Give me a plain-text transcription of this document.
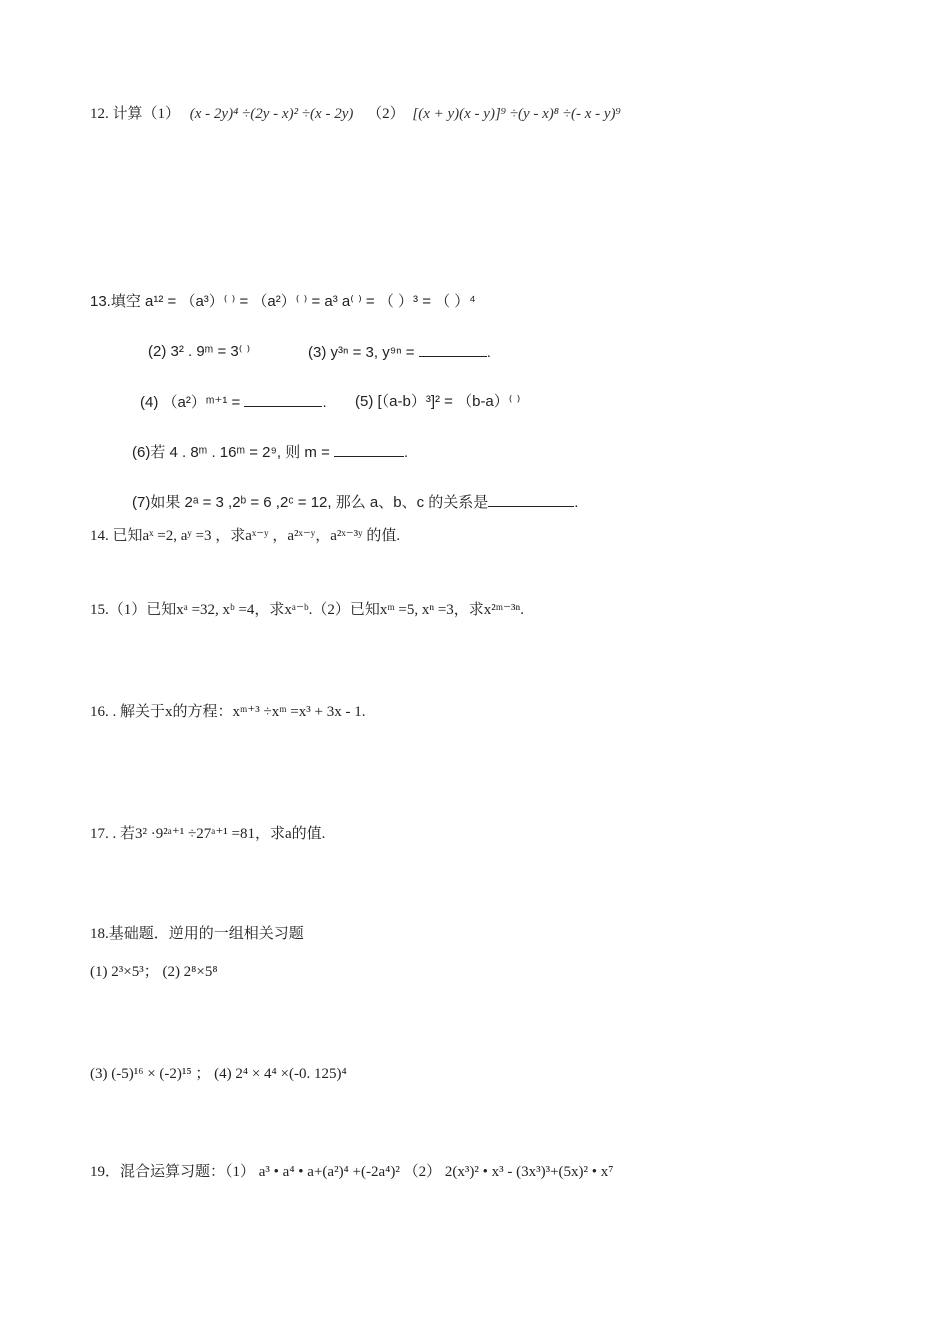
12. 计算（1） (x - 2y)⁴ ÷(2y - x)² ÷(x - 2y) （2） [(x + y)(x - y)]⁹ ÷(y - x)⁸ ÷(- x - y)⁹
13.填空 a¹² = （a³）⁽ ⁾ = （a²）⁽ ⁾ = a³ a⁽ ⁾ = （ ）³ = （ ）⁴
(2) 3² . 9ᵐ = 3⁽ ⁾	(3) y³ⁿ = 3, y⁹ⁿ =	.
(4) （a²）ᵐ⁺¹ =	. (5) [（a-b）³]² = （b-a）⁽ ⁾
(6)若 4 . 8ᵐ . 16ᵐ = 2⁹, 则 m =	.
(7)如果 2ᵃ = 3 ,2ᵇ = 6 ,2ᶜ = 12, 那么 a、b、c 的关系是	.
14. 已知aˣ =2, aʸ =3 ，求aˣ⁻ʸ ，a²ˣ⁻ʸ，a²ˣ⁻³ʸ 的值.
15.（1）已知xᵃ =32, xᵇ =4，求xᵃ⁻ᵇ.（2）已知xᵐ =5, xⁿ =3，求x²ᵐ⁻³ⁿ.
16. . 解关于x的方程：xᵐ⁺³ ÷xᵐ =x³ + 3x - 1.
17. . 若3² ·9²ᵃ⁺¹ ÷27ᵃ⁺¹ =81，求a的值.
18.基础题．逆用的一组相关习题
(1) 2³×5³； (2) 2⁸×5⁸
(3) (-5)¹⁶ × (-2)¹⁵ ； (4) 2⁴ × 4⁴ ×(-0. 125)⁴
19．混合运算习题：（1） a³ • a⁴ • a+(a²)⁴ +(-2a⁴)² （2） 2(x³)² • x³ - (3x³)³+(5x)² • x⁷
